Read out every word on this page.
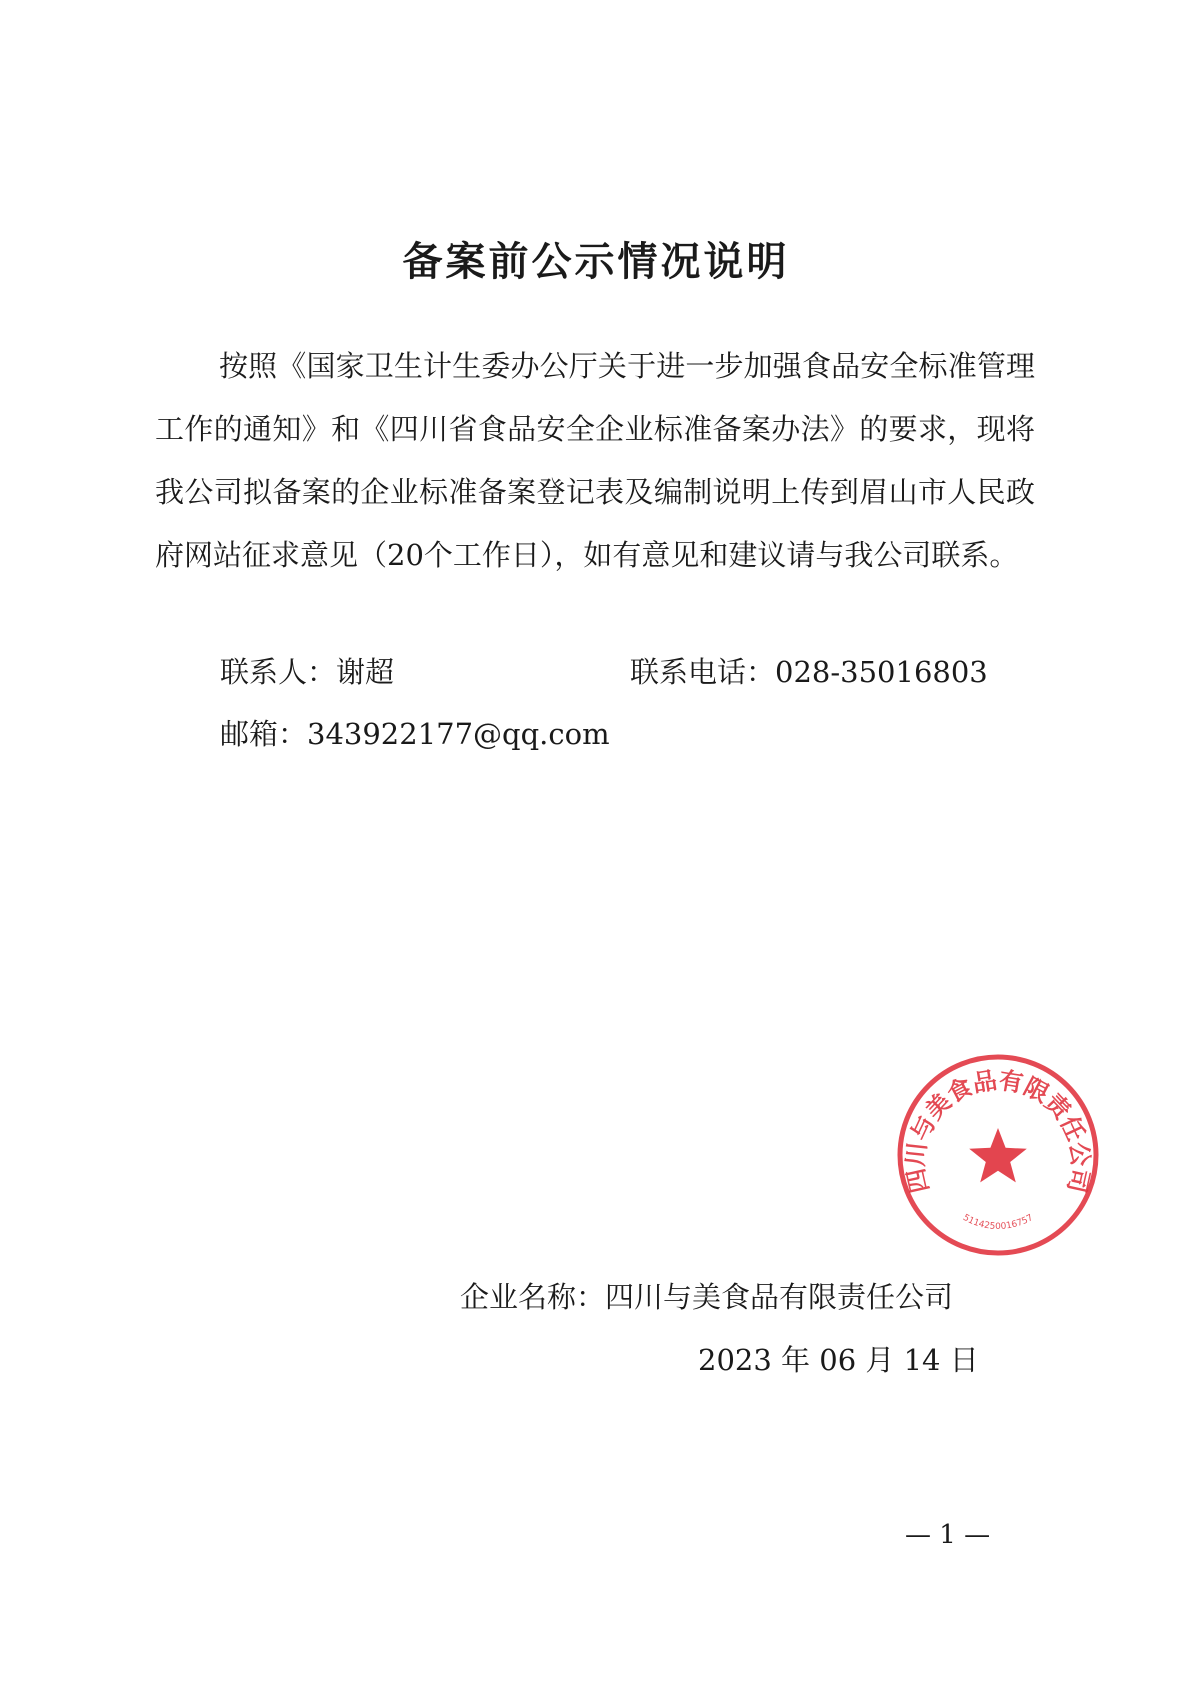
备案前公示情况说明

按照《国家卫生计生委办公厅关于进一步加强食品安全标准管理工作的通知》和《四川省食品安全企业标准备案办法》的要求，现将我公司拟备案的企业标准备案登记表及编制说明上传到眉山市人民政府网站征求意见（20个工作日），如有意见和建议请与我公司联系。

联系人：谢超	联系电话：028-35016803
邮箱：343922177@qq.com
四川与美食品有限责任公司
5114250016757
企业名称：四川与美食品有限责任公司
2023 年 06 月 14 日
— 1 —
